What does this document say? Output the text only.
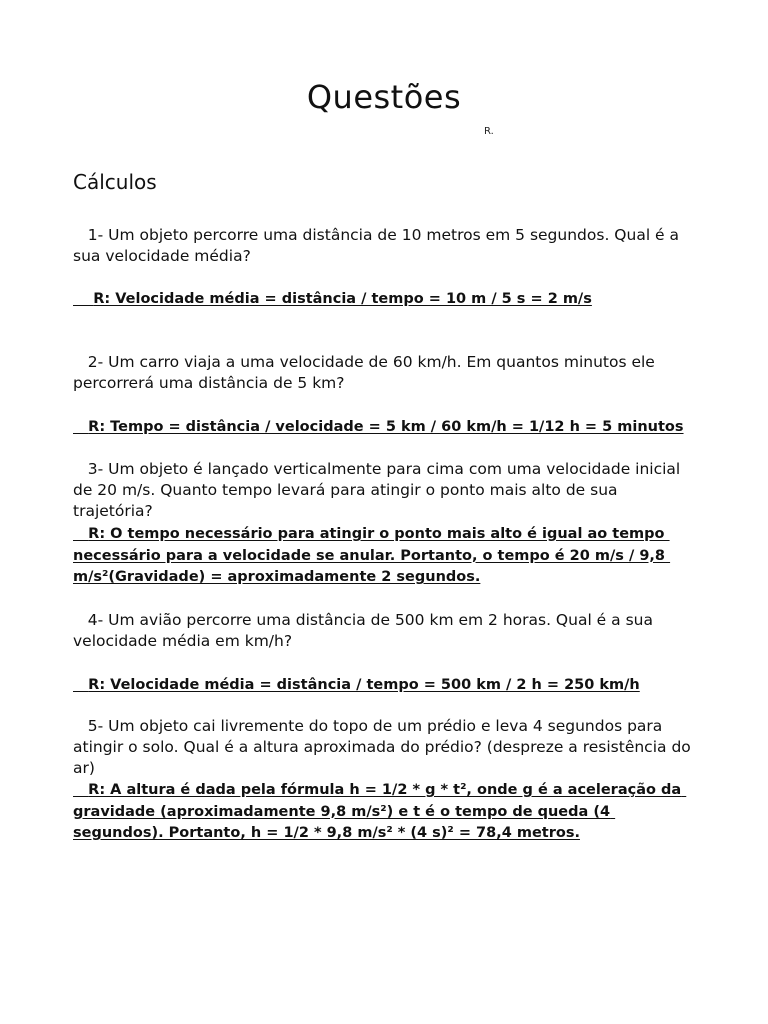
Questões
R.
Cálculos

1- Um objeto percorre uma distância de 10 metros em 5 segundos. Qual é a sua velocidade média?

R: Velocidade média = distância / tempo = 10 m / 5 s = 2 m/s

2- Um carro viaja a uma velocidade de 60 km/h. Em quantos minutos ele percorrerá uma distância de 5 km?

R: Tempo = distância / velocidade = 5 km / 60 km/h = 1/12 h = 5 minutos

3- Um objeto é lançado verticalmente para cima com uma velocidade inicial de 20 m/s. Quanto tempo levará para atingir o ponto mais alto de sua trajetória?

R: O tempo necessário para atingir o ponto mais alto é igual ao tempo necessário para a velocidade se anular. Portanto, o tempo é 20 m/s / 9,8 m/s²(Gravidade) = aproximadamente 2 segundos.

4- Um avião percorre uma distância de 500 km em 2 horas. Qual é a sua velocidade média em km/h?

R: Velocidade média = distância / tempo = 500 km / 2 h = 250 km/h

5- Um objeto cai livremente do topo de um prédio e leva 4 segundos para atingir o solo. Qual é a altura aproximada do prédio? (despreze a resistência do ar)

R: A altura é dada pela fórmula h = 1/2 * g * t², onde g é a aceleração da gravidade (aproximadamente 9,8 m/s²) e t é o tempo de queda (4 segundos). Portanto, h = 1/2 * 9,8 m/s² * (4 s)² = 78,4 metros.
